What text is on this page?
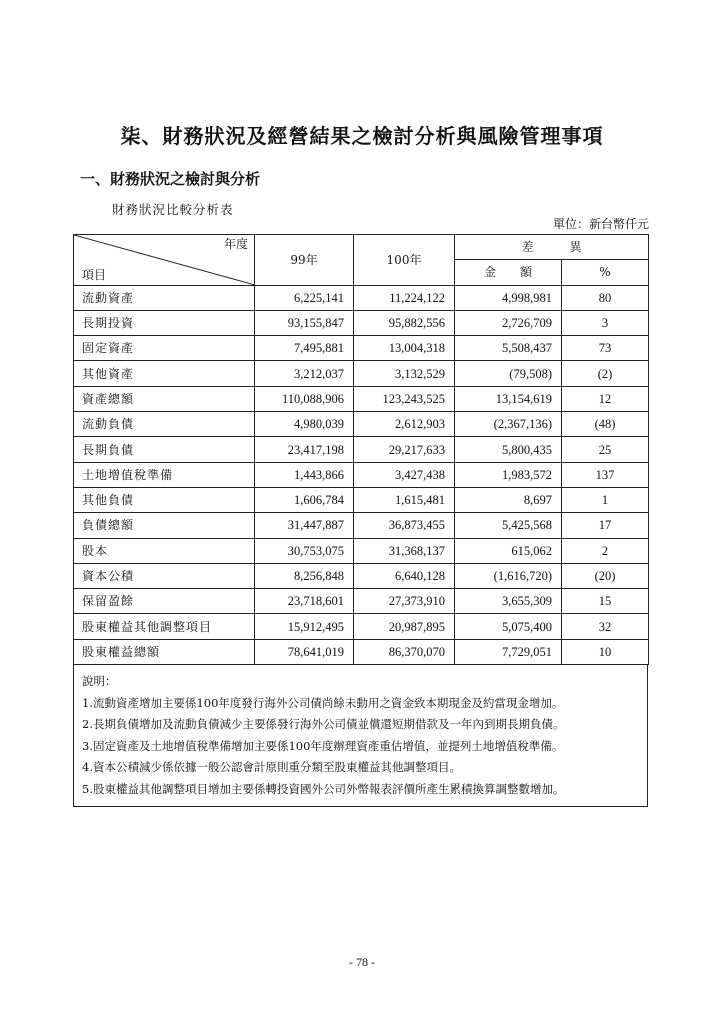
柒、財務狀況及經營結果之檢討分析與風險管理事項
一、財務狀況之檢討與分析
財務狀況比較分析表
單位：新台幣仟元
年度
項目	99年	100年	差　　　異	
			金　　額	%
流動資產	6,225,141	11,224,122	4,998,981	80
長期投資	93,155,847	95,882,556	2,726,709	3
固定資產	7,495,881	13,004,318	5,508,437	73
其他資產	3,212,037	3,132,529	(79,508)	(2)
資產總額	110,088,906	123,243,525	13,154,619	12
流動負債	4,980,039	2,612,903	(2,367,136)	(48)
長期負債	23,417,198	29,217,633	5,800,435	25
土地增值稅準備	1,443,866	3,427,438	1,983,572	137
其他負債	1,606,784	1,615,481	8,697	1
負債總額	31,447,887	36,873,455	5,425,568	17
股本	30,753,075	31,368,137	615,062	2
資本公積	8,256,848	6,640,128	(1,616,720)	(20)
保留盈餘	23,718,601	27,373,910	3,655,309	15
股東權益其他調整項目	15,912,495	20,987,895	5,075,400	32
股東權益總額	78,641,019	86,370,070	7,729,051	10
說明：
1.流動資產增加主要係100年度發行海外公司債尚餘未動用之資金致本期現金及約當現金增加。
2.長期負債增加及流動負債減少主要係發行海外公司債並償還短期借款及一年內到期長期負債。
3.固定資產及土地增值稅準備增加主要係100年度辦理資產重估增值，並提列土地增值稅準備。
4.資本公積減少係依據一般公認會計原則重分類至股東權益其他調整項目。
5.股東權益其他調整項目增加主要係轉投資國外公司外幣報表評價所產生累積換算調整數增加。
- 78 -
